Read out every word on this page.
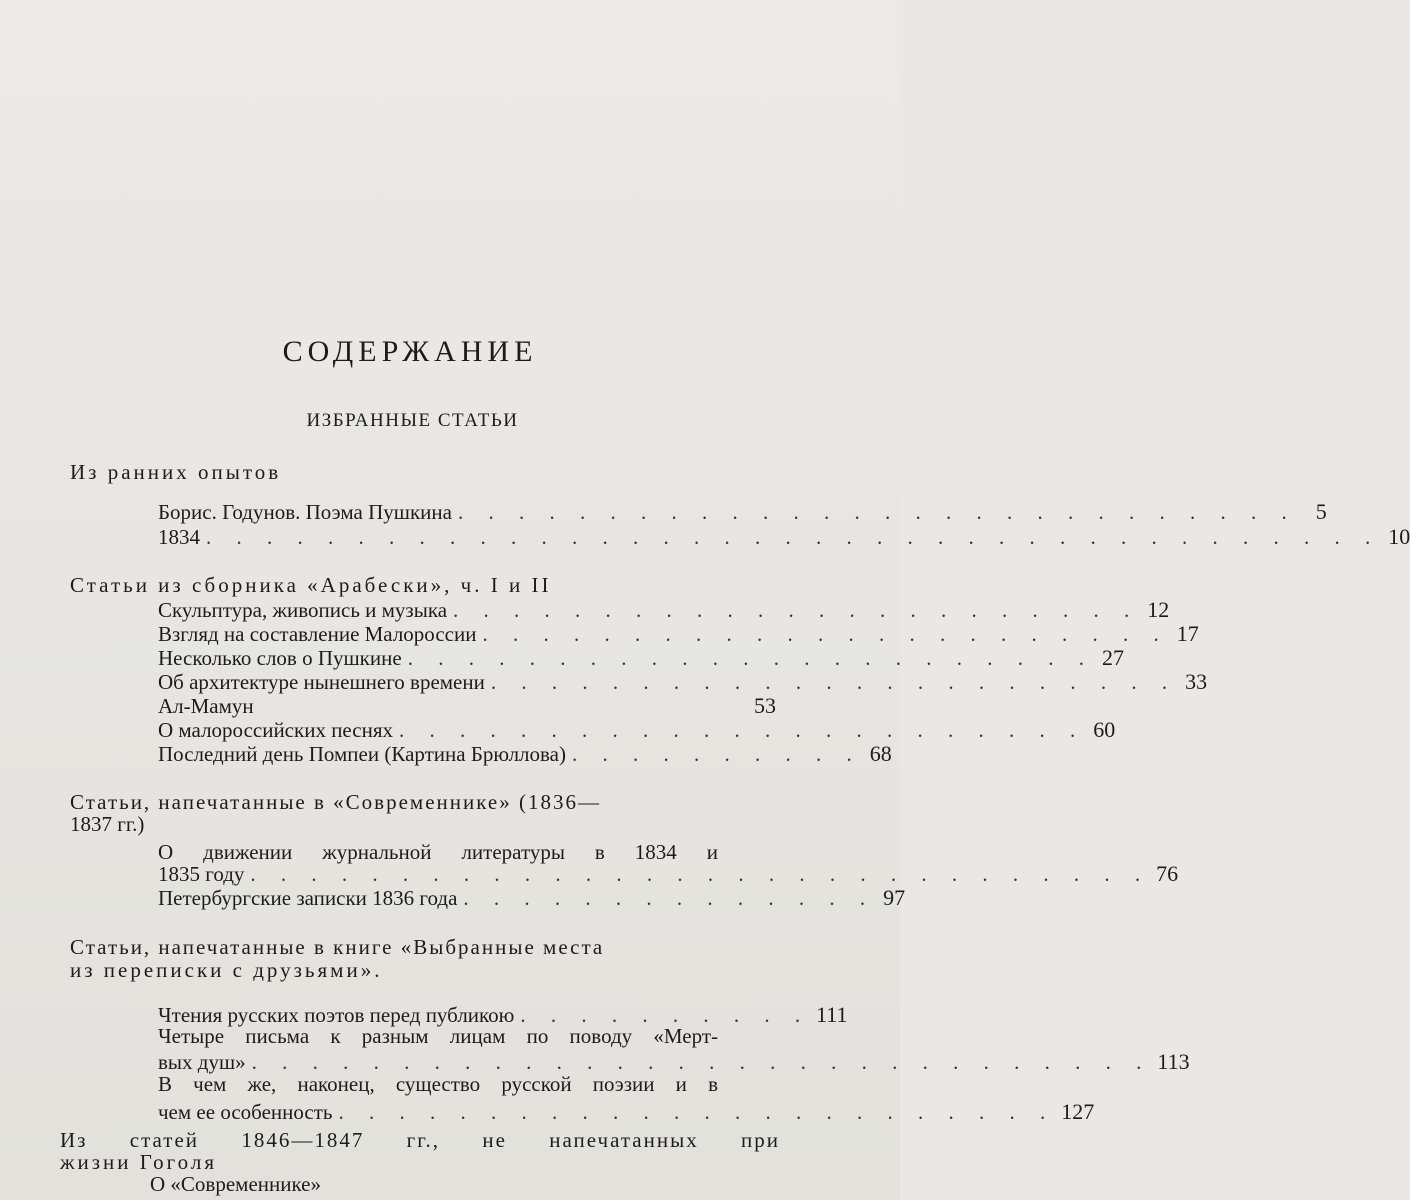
СОДЕРЖАНИЕ
ИЗБРАННЫЕ СТАТЬИ
Из ранних опытов
Борис. Годунов. Поэма Пушкина . . . . . . . . . . . . . . . . . . . . . . . . . . . . 5
1834 . . . . . . . . . . . . . . . . . . . . . . . . . . . . . . . . . . . . . . . 10
Статьи из сборника «Арабески», ч. I и II
Скульптура, живопись и музыка . . . . . . . . . . . . . . . . . . . . . . . 12
Взгляд на составление Малороссии . . . . . . . . . . . . . . . . . . . . . . . 17
Несколько слов о Пушкине . . . . . . . . . . . . . . . . . . . . . . . 27
Об архитектуре нынешнего времени . . . . . . . . . . . . . . . . . . . . . . . 33
Ал-Мамун	53
О малороссийских песнях . . . . . . . . . . . . . . . . . . . . . . . 60
Последний день Помпеи (Картина Брюллова) . . . . . . . . . . 68
Статьи, напечатанные в «Современнике» (1836—
1837 гг.)
О движении журнальной литературы в 1834 и
1835 году . . . . . . . . . . . . . . . . . . . . . . . . . . . . . . 76
Петербургские записки 1836 года . . . . . . . . . . . . . . 97
Статьи, напечатанные в книге «Выбранные места
из переписки с друзьями».
Чтения русских поэтов перед публикою . . . . . . . . . . 111
Четыре письма к разным лицам по поводу «Мерт-
вых душ» . . . . . . . . . . . . . . . . . . . . . . . . . . . . . . 113
В чем же, наконец, существо русской поэзии и в
чем ее особенность . . . . . . . . . . . . . . . . . . . . . . . . 127
Из статей 1846—1847 гг., не напечатанных при
жизни Гоголя
О «Современнике»
